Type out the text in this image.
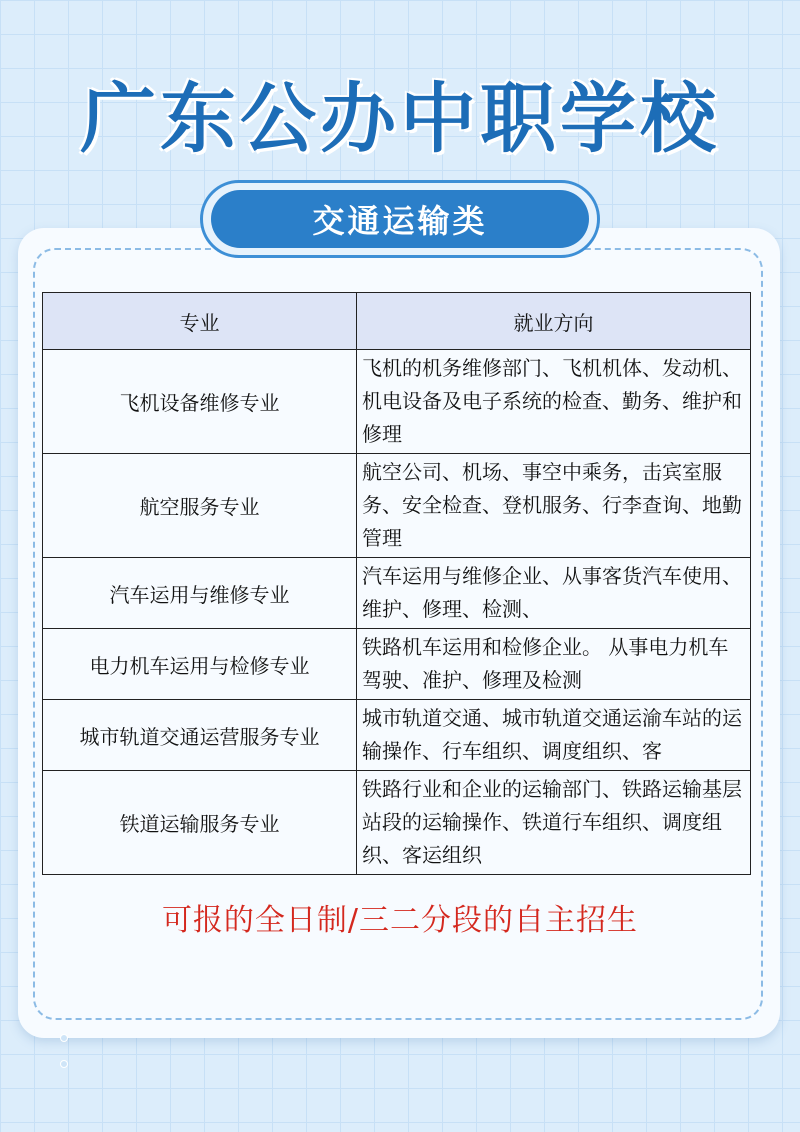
广东公办中职学校
交通运输类
专业	就业方向
飞机设备维修专业	飞机的机务维修部门、飞机机体、发动机、机电设备及电子系统的检查、勤务、维护和修理
航空服务专业	航空公司、机场、事空中乘务，击宾室服务、安全检查、登机服务、行李查询、地勤管理
汽车运用与维修专业	汽车运用与维修企业、从事客货汽车使用、维护、修理、检测、
电力机车运用与检修专业	铁路机车运用和检修企业。 从事电力机车驾驶、准护、修理及检测
城市轨道交通运营服务专业	城市轨道交通、城市轨道交通运渝车站的运输操作、行车组织、调度组织、客
铁道运输服务专业	铁路行业和企业的运输部门、铁路运输基层 站段的运输操作、铁道行车组织、调度组织、客运组织
可报的全日制/三二分段的自主招生
